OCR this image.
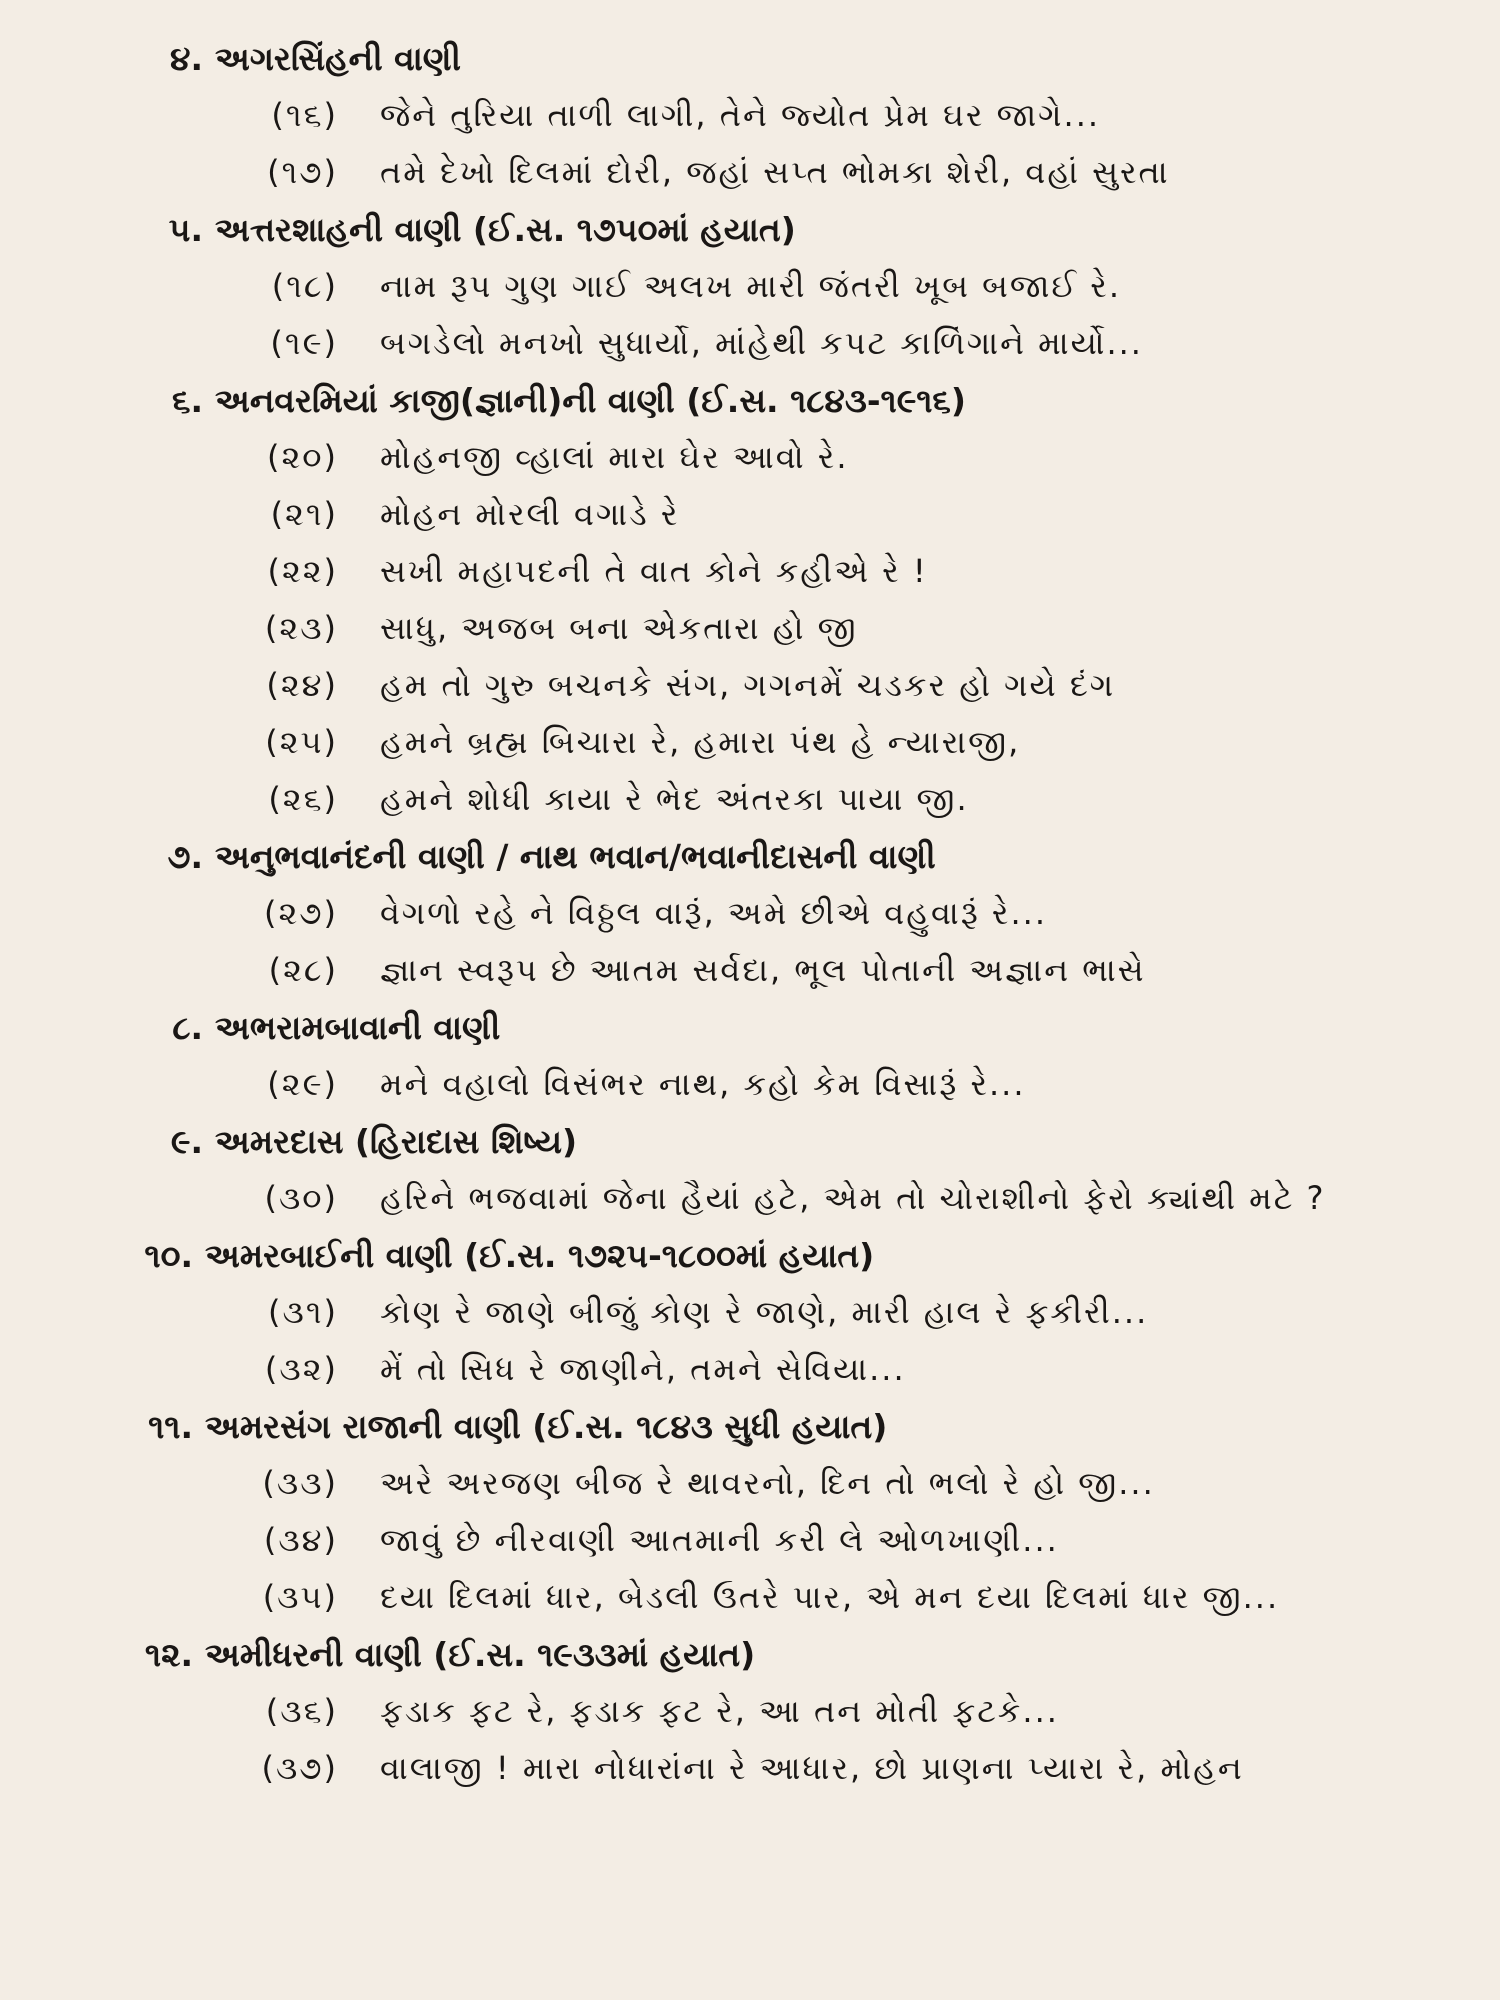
૪. અગરસિંહની વાણી
(૧૬)	જેને તુરિયા તાળી લાગી, તેને જ્યોત પ્રેમ ઘર જાગે...
(૧૭)	તમે દેખો દિલમાં દોરી, જહાં સપ્ત ભોમકા શેરી, વહાં સુરતા
૫. અત્તરશાહની વાણી (ઈ.સ. ૧૭૫૦માં હયાત)
(૧૮)	નામ રૂપ ગુણ ગાઈ અલખ મારી જંતરી ખૂબ બજાઈ રે.
(૧૯)	બગડેલો મનખો સુધાર્યો, માંહેથી કપટ કાળિંગાને માર્યો...
૬. અનવરમિયાં કાજી(જ્ઞાની)ની વાણી (ઈ.સ. ૧૮૪૩-૧૯૧૬)
(૨૦)	મોહનજી વ્હાલાં મારા ઘેર આવો રે.
(૨૧)	મોહન મોરલી વગાડે રે
(૨૨)	સખી મહાપદની તે વાત કોને કહીએ રે !
(૨૩)	સાધુ, અજબ બના એકતારા હો જી
(૨૪)	હમ તો ગુરુ બચનકે સંગ, ગગનમેં ચડકર હો ગયે દંગ
(૨૫)	હમને બ્રહ્મ બિચારા રે, હમારા પંથ હે ન્યારાજી,
(૨૬)	હમને શોધી કાયા રે ભેદ અંતરકા પાયા જી.
૭. અનુભવાનંદની વાણી / નાથ ભવાન/ભવાનીદાસની વાણી
(૨૭)	વેગળો રહે ને વિઠ્ઠલ વારૂં, અમે છીએ વહુવારૂં રે...
(૨૮)	જ્ઞાન સ્વરૂપ છે આતમ સર્વદા, ભૂલ પોતાની અજ્ઞાન ભાસે
૮. અભરામબાવાની વાણી
(૨૯)	મને વહાલો વિસંભર નાથ, કહો કેમ વિસારૂં રે...
૯. અમરદાસ (હિરાદાસ શિષ્ય)
(૩૦)	હરિને ભજવામાં જેના હૈયાં હટે, એમ તો ચોરાશીનો ફેરો ક્યાંથી મટે ?
૧૦. અમરબાઈની વાણી (ઈ.સ. ૧૭૨૫-૧૮૦૦માં હયાત)
(૩૧)	કોણ રે જાણે બીજું કોણ રે જાણે, મારી હાલ રે ફકીરી...
(૩૨)	મેં તો સિધ રે જાણીને, તમને સેવિયા...
૧૧. અમરસંગ રાજાની વાણી (ઈ.સ. ૧૮૪૩ સુધી હયાત)
(૩૩)	અરે અરજણ બીજ રે થાવરનો, દિન તો ભલો રે હો જી...
(૩૪)	જાવું છે નીરવાણી આતમાની કરી લે ઓળખાણી...
(૩૫)	દયા દિલમાં ધાર, બેડલી ઉતરે પાર, એ મન દયા દિલમાં ધાર જી...
૧૨. અમીધરની વાણી (ઈ.સ. ૧૯૩૩માં હયાત)
(૩૬)	ફડાક ફટ રે, ફડાક ફટ રે, આ તન મોતી ફટકે...
(૩૭)	વાલાજી ! મારા નોધારાંના રે આધાર, છો પ્રાણના પ્યારા રે, મોહન
